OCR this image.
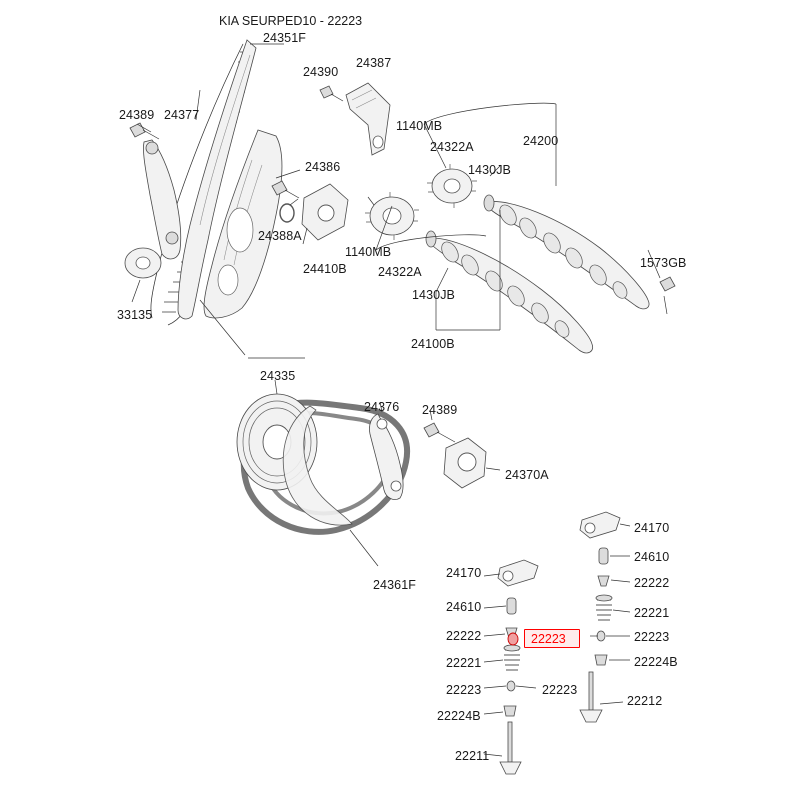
KIA SEURPED10 - 22223
22223
24351F
24390
24387
24389 24377
1140MB
24322A	24200
1430JB
24386
1573GB
24388A
1140MB
24410B	24322A
1430JB
33135
24100B
24335
24376 24389
24370A
24361F
24170
24610
22222
22221
22223
22224B
22212
24170
24610
22222
22221
22223	22223
22224B
22211
